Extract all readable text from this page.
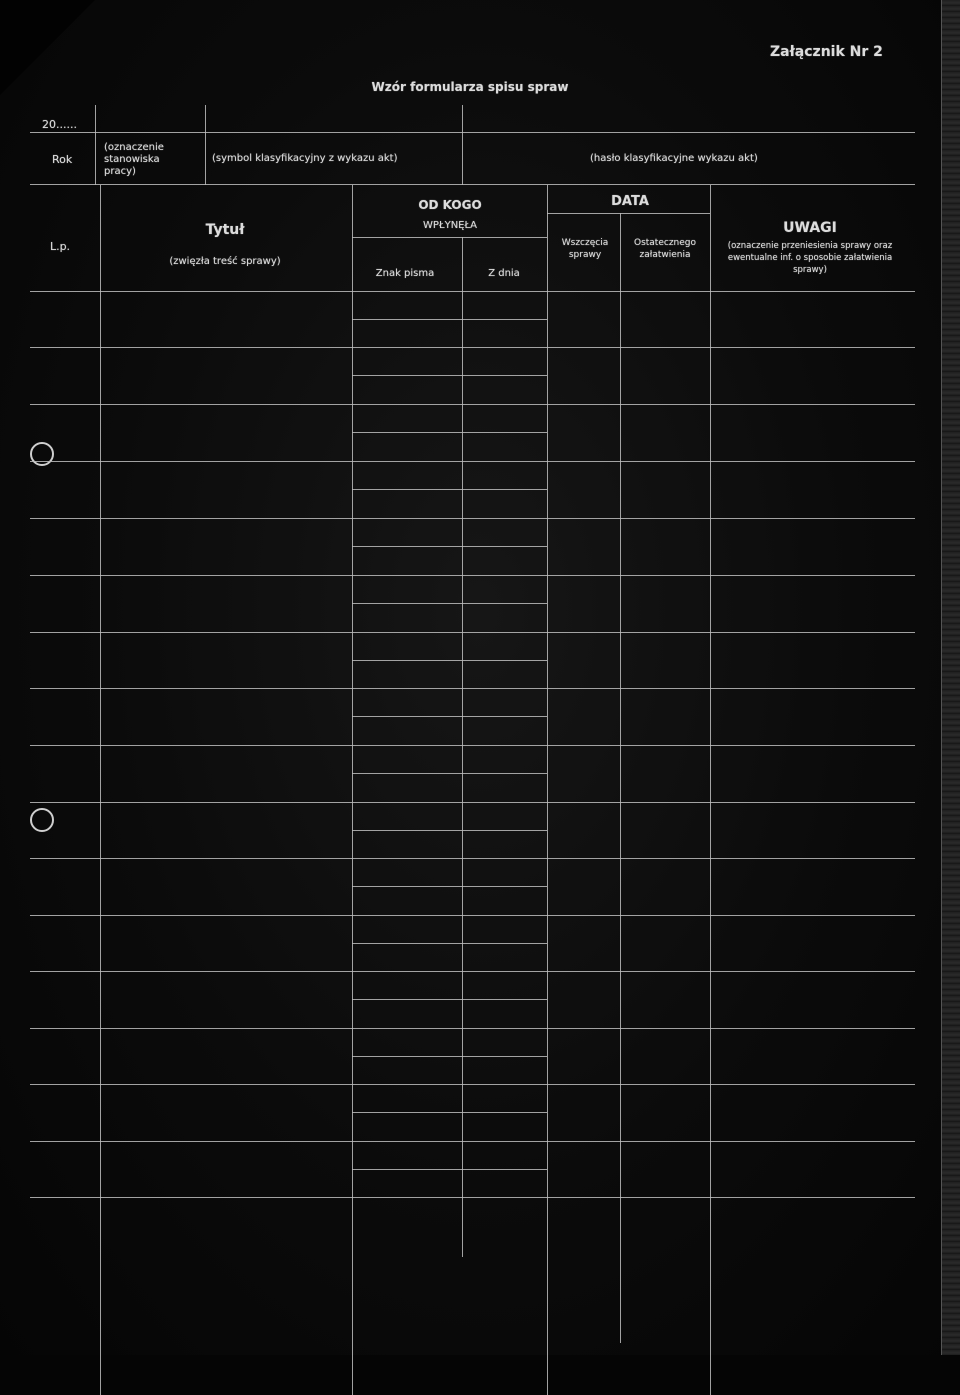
Załącznik Nr 2
Wzór formularza spisu spraw
20......
Rok
(oznaczenie stanowiska pracy)
(symbol klasyfikacyjny z wykazu akt)	(hasło klasyfikacyjne wykazu akt)
L.p.
Tytuł
(zwięzła treść sprawy)
OD KOGO
WPŁYNĘŁA
Znak pisma	Z dnia
DATA
Wszczęcia sprawy
Ostatecznego załatwienia
UWAGI
(oznaczenie przeniesienia sprawy oraz ewentualne inf. o sposobie załatwienia sprawy)
